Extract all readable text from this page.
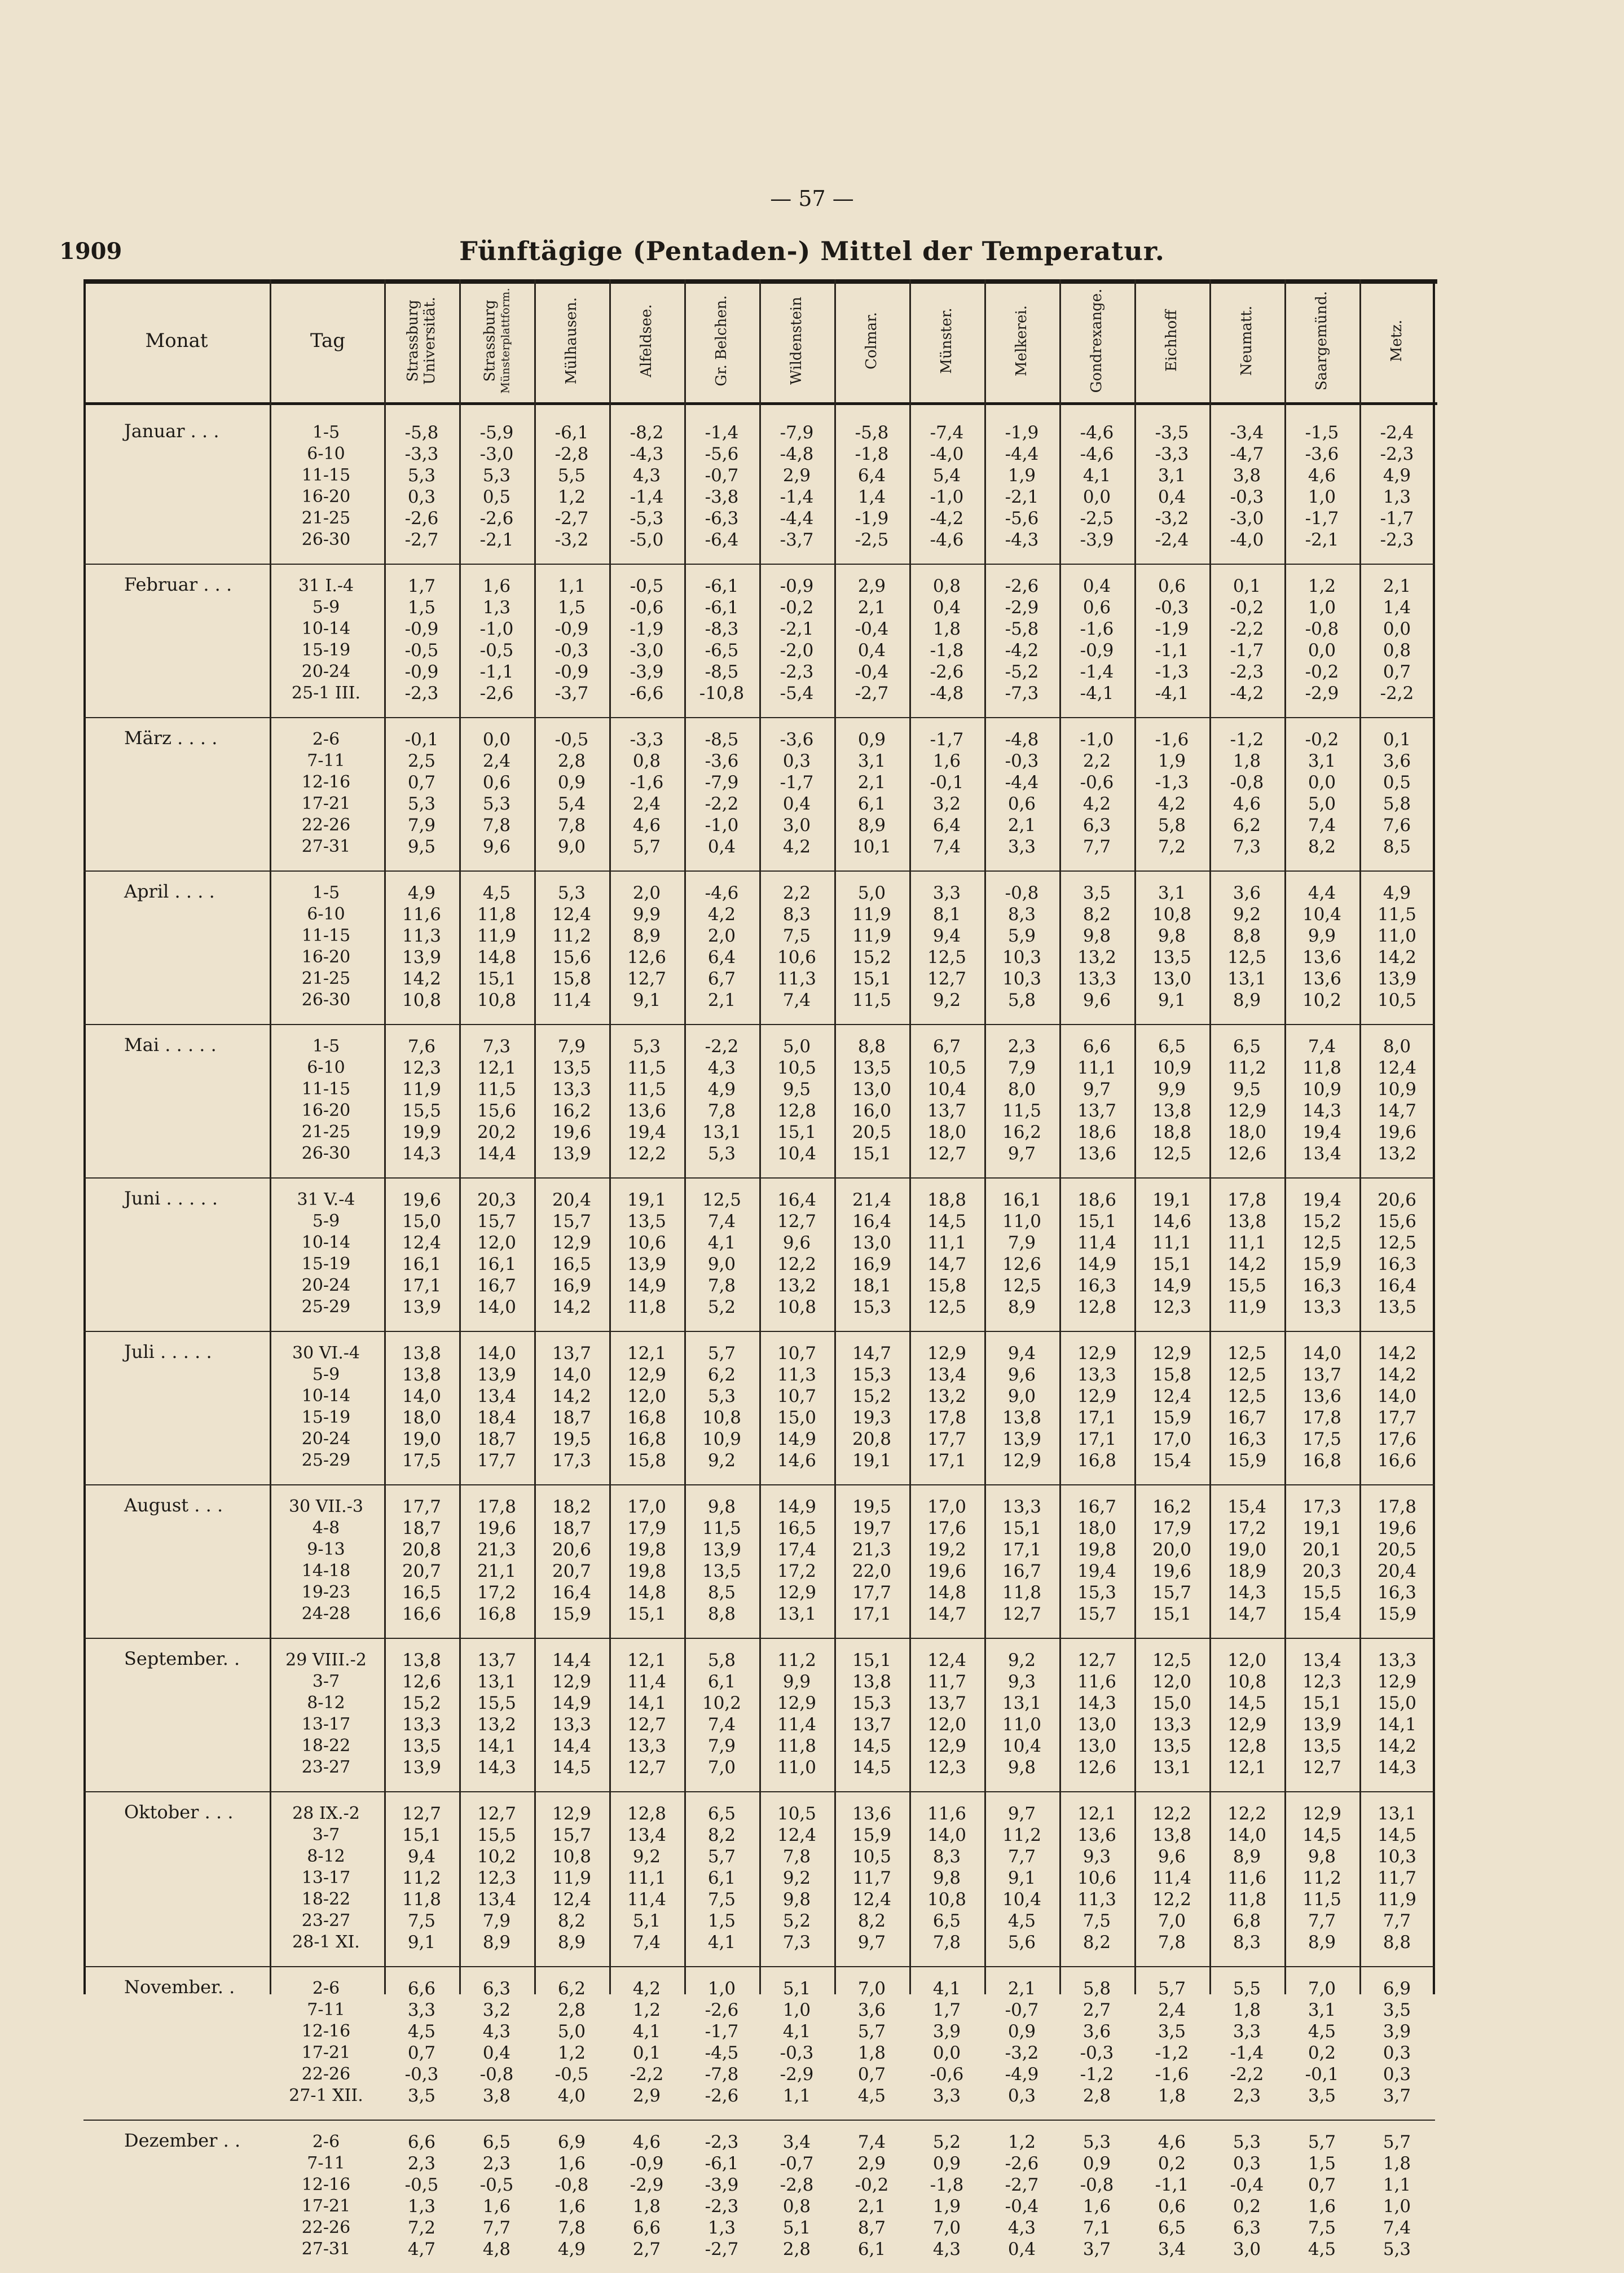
— 57 —
1909	Fünftägige (Pentaden-) Mittel der Temperatur.
Monat	Tag	Strassburg Universität.	Strassburg Münsterplattform.	Mülhausen.	Alfeldsee.	Gr. Belchen.	Wildenstein	Colmar.	Münster.	Melkerei.	Gondrexange.	Eichhoff	Neumatt.	Saargemünd.	Metz.
Januar . . .	1-5	-5,8	-5,9	-6,1	-8,2	-1,4	-7,9	-5,8	-7,4	-1,9	-4,6	-3,5	-3,4	-1,5	-2,4
6-10	-3,3	-3,0	-2,8	-4,3	-5,6	-4,8	-1,8	-4,0	-4,4	-4,6	-3,3	-4,7	-3,6	-2,3
11-15	5,3	5,3	5,5	4,3	-0,7	2,9	6,4	5,4	1,9	4,1	3,1	3,8	4,6	4,9
16-20	0,3	0,5	1,2	-1,4	-3,8	-1,4	1,4	-1,0	-2,1	0,0	0,4	-0,3	1,0	1,3
21-25	-2,6	-2,6	-2,7	-5,3	-6,3	-4,4	-1,9	-4,2	-5,6	-2,5	-3,2	-3,0	-1,7	-1,7
26-30	-2,7	-2,1	-3,2	-5,0	-6,4	-3,7	-2,5	-4,6	-4,3	-3,9	-2,4	-4,0	-2,1	-2,3
Februar . . .	31 I.-4	1,7	1,6	1,1	-0,5	-6,1	-0,9	2,9	0,8	-2,6	0,4	0,6	0,1	1,2	2,1
5-9	1,5	1,3	1,5	-0,6	-6,1	-0,2	2,1	0,4	-2,9	0,6	-0,3	-0,2	1,0	1,4
10-14	-0,9	-1,0	-0,9	-1,9	-8,3	-2,1	-0,4	1,8	-5,8	-1,6	-1,9	-2,2	-0,8	0,0
15-19	-0,5	-0,5	-0,3	-3,0	-6,5	-2,0	0,4	-1,8	-4,2	-0,9	-1,1	-1,7	0,0	0,8
20-24	-0,9	-1,1	-0,9	-3,9	-8,5	-2,3	-0,4	-2,6	-5,2	-1,4	-1,3	-2,3	-0,2	0,7
25-1 III.	-2,3	-2,6	-3,7	-6,6	-10,8	-5,4	-2,7	-4,8	-7,3	-4,1	-4,1	-4,2	-2,9	-2,2
März . . . .	2-6	-0,1	0,0	-0,5	-3,3	-8,5	-3,6	0,9	-1,7	-4,8	-1,0	-1,6	-1,2	-0,2	0,1
7-11	2,5	2,4	2,8	0,8	-3,6	0,3	3,1	1,6	-0,3	2,2	1,9	1,8	3,1	3,6
12-16	0,7	0,6	0,9	-1,6	-7,9	-1,7	2,1	-0,1	-4,4	-0,6	-1,3	-0,8	0,0	0,5
17-21	5,3	5,3	5,4	2,4	-2,2	0,4	6,1	3,2	0,6	4,2	4,2	4,6	5,0	5,8
22-26	7,9	7,8	7,8	4,6	-1,0	3,0	8,9	6,4	2,1	6,3	5,8	6,2	7,4	7,6
27-31	9,5	9,6	9,0	5,7	0,4	4,2	10,1	7,4	3,3	7,7	7,2	7,3	8,2	8,5
April . . . .	1-5	4,9	4,5	5,3	2,0	-4,6	2,2	5,0	3,3	-0,8	3,5	3,1	3,6	4,4	4,9
6-10	11,6	11,8	12,4	9,9	4,2	8,3	11,9	8,1	8,3	8,2	10,8	9,2	10,4	11,5
11-15	11,3	11,9	11,2	8,9	2,0	7,5	11,9	9,4	5,9	9,8	9,8	8,8	9,9	11,0
16-20	13,9	14,8	15,6	12,6	6,4	10,6	15,2	12,5	10,3	13,2	13,5	12,5	13,6	14,2
21-25	14,2	15,1	15,8	12,7	6,7	11,3	15,1	12,7	10,3	13,3	13,0	13,1	13,6	13,9
26-30	10,8	10,8	11,4	9,1	2,1	7,4	11,5	9,2	5,8	9,6	9,1	8,9	10,2	10,5
Mai . . . . .	1-5	7,6	7,3	7,9	5,3	-2,2	5,0	8,8	6,7	2,3	6,6	6,5	6,5	7,4	8,0
6-10	12,3	12,1	13,5	11,5	4,3	10,5	13,5	10,5	7,9	11,1	10,9	11,2	11,8	12,4
11-15	11,9	11,5	13,3	11,5	4,9	9,5	13,0	10,4	8,0	9,7	9,9	9,5	10,9	10,9
16-20	15,5	15,6	16,2	13,6	7,8	12,8	16,0	13,7	11,5	13,7	13,8	12,9	14,3	14,7
21-25	19,9	20,2	19,6	19,4	13,1	15,1	20,5	18,0	16,2	18,6	18,8	18,0	19,4	19,6
26-30	14,3	14,4	13,9	12,2	5,3	10,4	15,1	12,7	9,7	13,6	12,5	12,6	13,4	13,2
Juni . . . . .	31 V.-4	19,6	20,3	20,4	19,1	12,5	16,4	21,4	18,8	16,1	18,6	19,1	17,8	19,4	20,6
5-9	15,0	15,7	15,7	13,5	7,4	12,7	16,4	14,5	11,0	15,1	14,6	13,8	15,2	15,6
10-14	12,4	12,0	12,9	10,6	4,1	9,6	13,0	11,1	7,9	11,4	11,1	11,1	12,5	12,5
15-19	16,1	16,1	16,5	13,9	9,0	12,2	16,9	14,7	12,6	14,9	15,1	14,2	15,9	16,3
20-24	17,1	16,7	16,9	14,9	7,8	13,2	18,1	15,8	12,5	16,3	14,9	15,5	16,3	16,4
25-29	13,9	14,0	14,2	11,8	5,2	10,8	15,3	12,5	8,9	12,8	12,3	11,9	13,3	13,5
Juli . . . . .	30 VI.-4	13,8	14,0	13,7	12,1	5,7	10,7	14,7	12,9	9,4	12,9	12,9	12,5	14,0	14,2
5-9	13,8	13,9	14,0	12,9	6,2	11,3	15,3	13,4	9,6	13,3	15,8	12,5	13,7	14,2
10-14	14,0	13,4	14,2	12,0	5,3	10,7	15,2	13,2	9,0	12,9	12,4	12,5	13,6	14,0
15-19	18,0	18,4	18,7	16,8	10,8	15,0	19,3	17,8	13,8	17,1	15,9	16,7	17,8	17,7
20-24	19,0	18,7	19,5	16,8	10,9	14,9	20,8	17,7	13,9	17,1	17,0	16,3	17,5	17,6
25-29	17,5	17,7	17,3	15,8	9,2	14,6	19,1	17,1	12,9	16,8	15,4	15,9	16,8	16,6
August . . .	30 VII.-3	17,7	17,8	18,2	17,0	9,8	14,9	19,5	17,0	13,3	16,7	16,2	15,4	17,3	17,8
4-8	18,7	19,6	18,7	17,9	11,5	16,5	19,7	17,6	15,1	18,0	17,9	17,2	19,1	19,6
9-13	20,8	21,3	20,6	19,8	13,9	17,4	21,3	19,2	17,1	19,8	20,0	19,0	20,1	20,5
14-18	20,7	21,1	20,7	19,8	13,5	17,2	22,0	19,6	16,7	19,4	19,6	18,9	20,3	20,4
19-23	16,5	17,2	16,4	14,8	8,5	12,9	17,7	14,8	11,8	15,3	15,7	14,3	15,5	16,3
24-28	16,6	16,8	15,9	15,1	8,8	13,1	17,1	14,7	12,7	15,7	15,1	14,7	15,4	15,9
September. .	29 VIII.-2	13,8	13,7	14,4	12,1	5,8	11,2	15,1	12,4	9,2	12,7	12,5	12,0	13,4	13,3
3-7	12,6	13,1	12,9	11,4	6,1	9,9	13,8	11,7	9,3	11,6	12,0	10,8	12,3	12,9
8-12	15,2	15,5	14,9	14,1	10,2	12,9	15,3	13,7	13,1	14,3	15,0	14,5	15,1	15,0
13-17	13,3	13,2	13,3	12,7	7,4	11,4	13,7	12,0	11,0	13,0	13,3	12,9	13,9	14,1
18-22	13,5	14,1	14,4	13,3	7,9	11,8	14,5	12,9	10,4	13,0	13,5	12,8	13,5	14,2
23-27	13,9	14,3	14,5	12,7	7,0	11,0	14,5	12,3	9,8	12,6	13,1	12,1	12,7	14,3
Oktober . . .	28 IX.-2	12,7	12,7	12,9	12,8	6,5	10,5	13,6	11,6	9,7	12,1	12,2	12,2	12,9	13,1
3-7	15,1	15,5	15,7	13,4	8,2	12,4	15,9	14,0	11,2	13,6	13,8	14,0	14,5	14,5
8-12	9,4	10,2	10,8	9,2	5,7	7,8	10,5	8,3	7,7	9,3	9,6	8,9	9,8	10,3
13-17	11,2	12,3	11,9	11,1	6,1	9,2	11,7	9,8	9,1	10,6	11,4	11,6	11,2	11,7
18-22	11,8	13,4	12,4	11,4	7,5	9,8	12,4	10,8	10,4	11,3	12,2	11,8	11,5	11,9
23-27	7,5	7,9	8,2	5,1	1,5	5,2	8,2	6,5	4,5	7,5	7,0	6,8	7,7	7,7
28-1 XI.	9,1	8,9	8,9	7,4	4,1	7,3	9,7	7,8	5,6	8,2	7,8	8,3	8,9	8,8
November. .	2-6	6,6	6,3	6,2	4,2	1,0	5,1	7,0	4,1	2,1	5,8	5,7	5,5	7,0	6,9
7-11	3,3	3,2	2,8	1,2	-2,6	1,0	3,6	1,7	-0,7	2,7	2,4	1,8	3,1	3,5
12-16	4,5	4,3	5,0	4,1	-1,7	4,1	5,7	3,9	0,9	3,6	3,5	3,3	4,5	3,9
17-21	0,7	0,4	1,2	0,1	-4,5	-0,3	1,8	0,0	-3,2	-0,3	-1,2	-1,4	0,2	0,3
22-26	-0,3	-0,8	-0,5	-2,2	-7,8	-2,9	0,7	-0,6	-4,9	-1,2	-1,6	-2,2	-0,1	0,3
27-1 XII.	3,5	3,8	4,0	2,9	-2,6	1,1	4,5	3,3	0,3	2,8	1,8	2,3	3,5	3,7
Dezember . .	2-6	6,6	6,5	6,9	4,6	-2,3	3,4	7,4	5,2	1,2	5,3	4,6	5,3	5,7	5,7
7-11	2,3	2,3	1,6	-0,9	-6,1	-0,7	2,9	0,9	-2,6	0,9	0,2	0,3	1,5	1,8
12-16	-0,5	-0,5	-0,8	-2,9	-3,9	-2,8	-0,2	-1,8	-2,7	-0,8	-1,1	-0,4	0,7	1,1
17-21	1,3	1,6	1,6	1,8	-2,3	0,8	2,1	1,9	-0,4	1,6	0,6	0,2	1,6	1,0
22-26	7,2	7,7	7,8	6,6	1,3	5,1	8,7	7,0	4,3	7,1	6,5	6,3	7,5	7,4
27-31	4,7	4,8	4,9	2,7	-2,7	2,8	6,1	4,3	0,4	3,7	3,4	3,0	4,5	5,3
